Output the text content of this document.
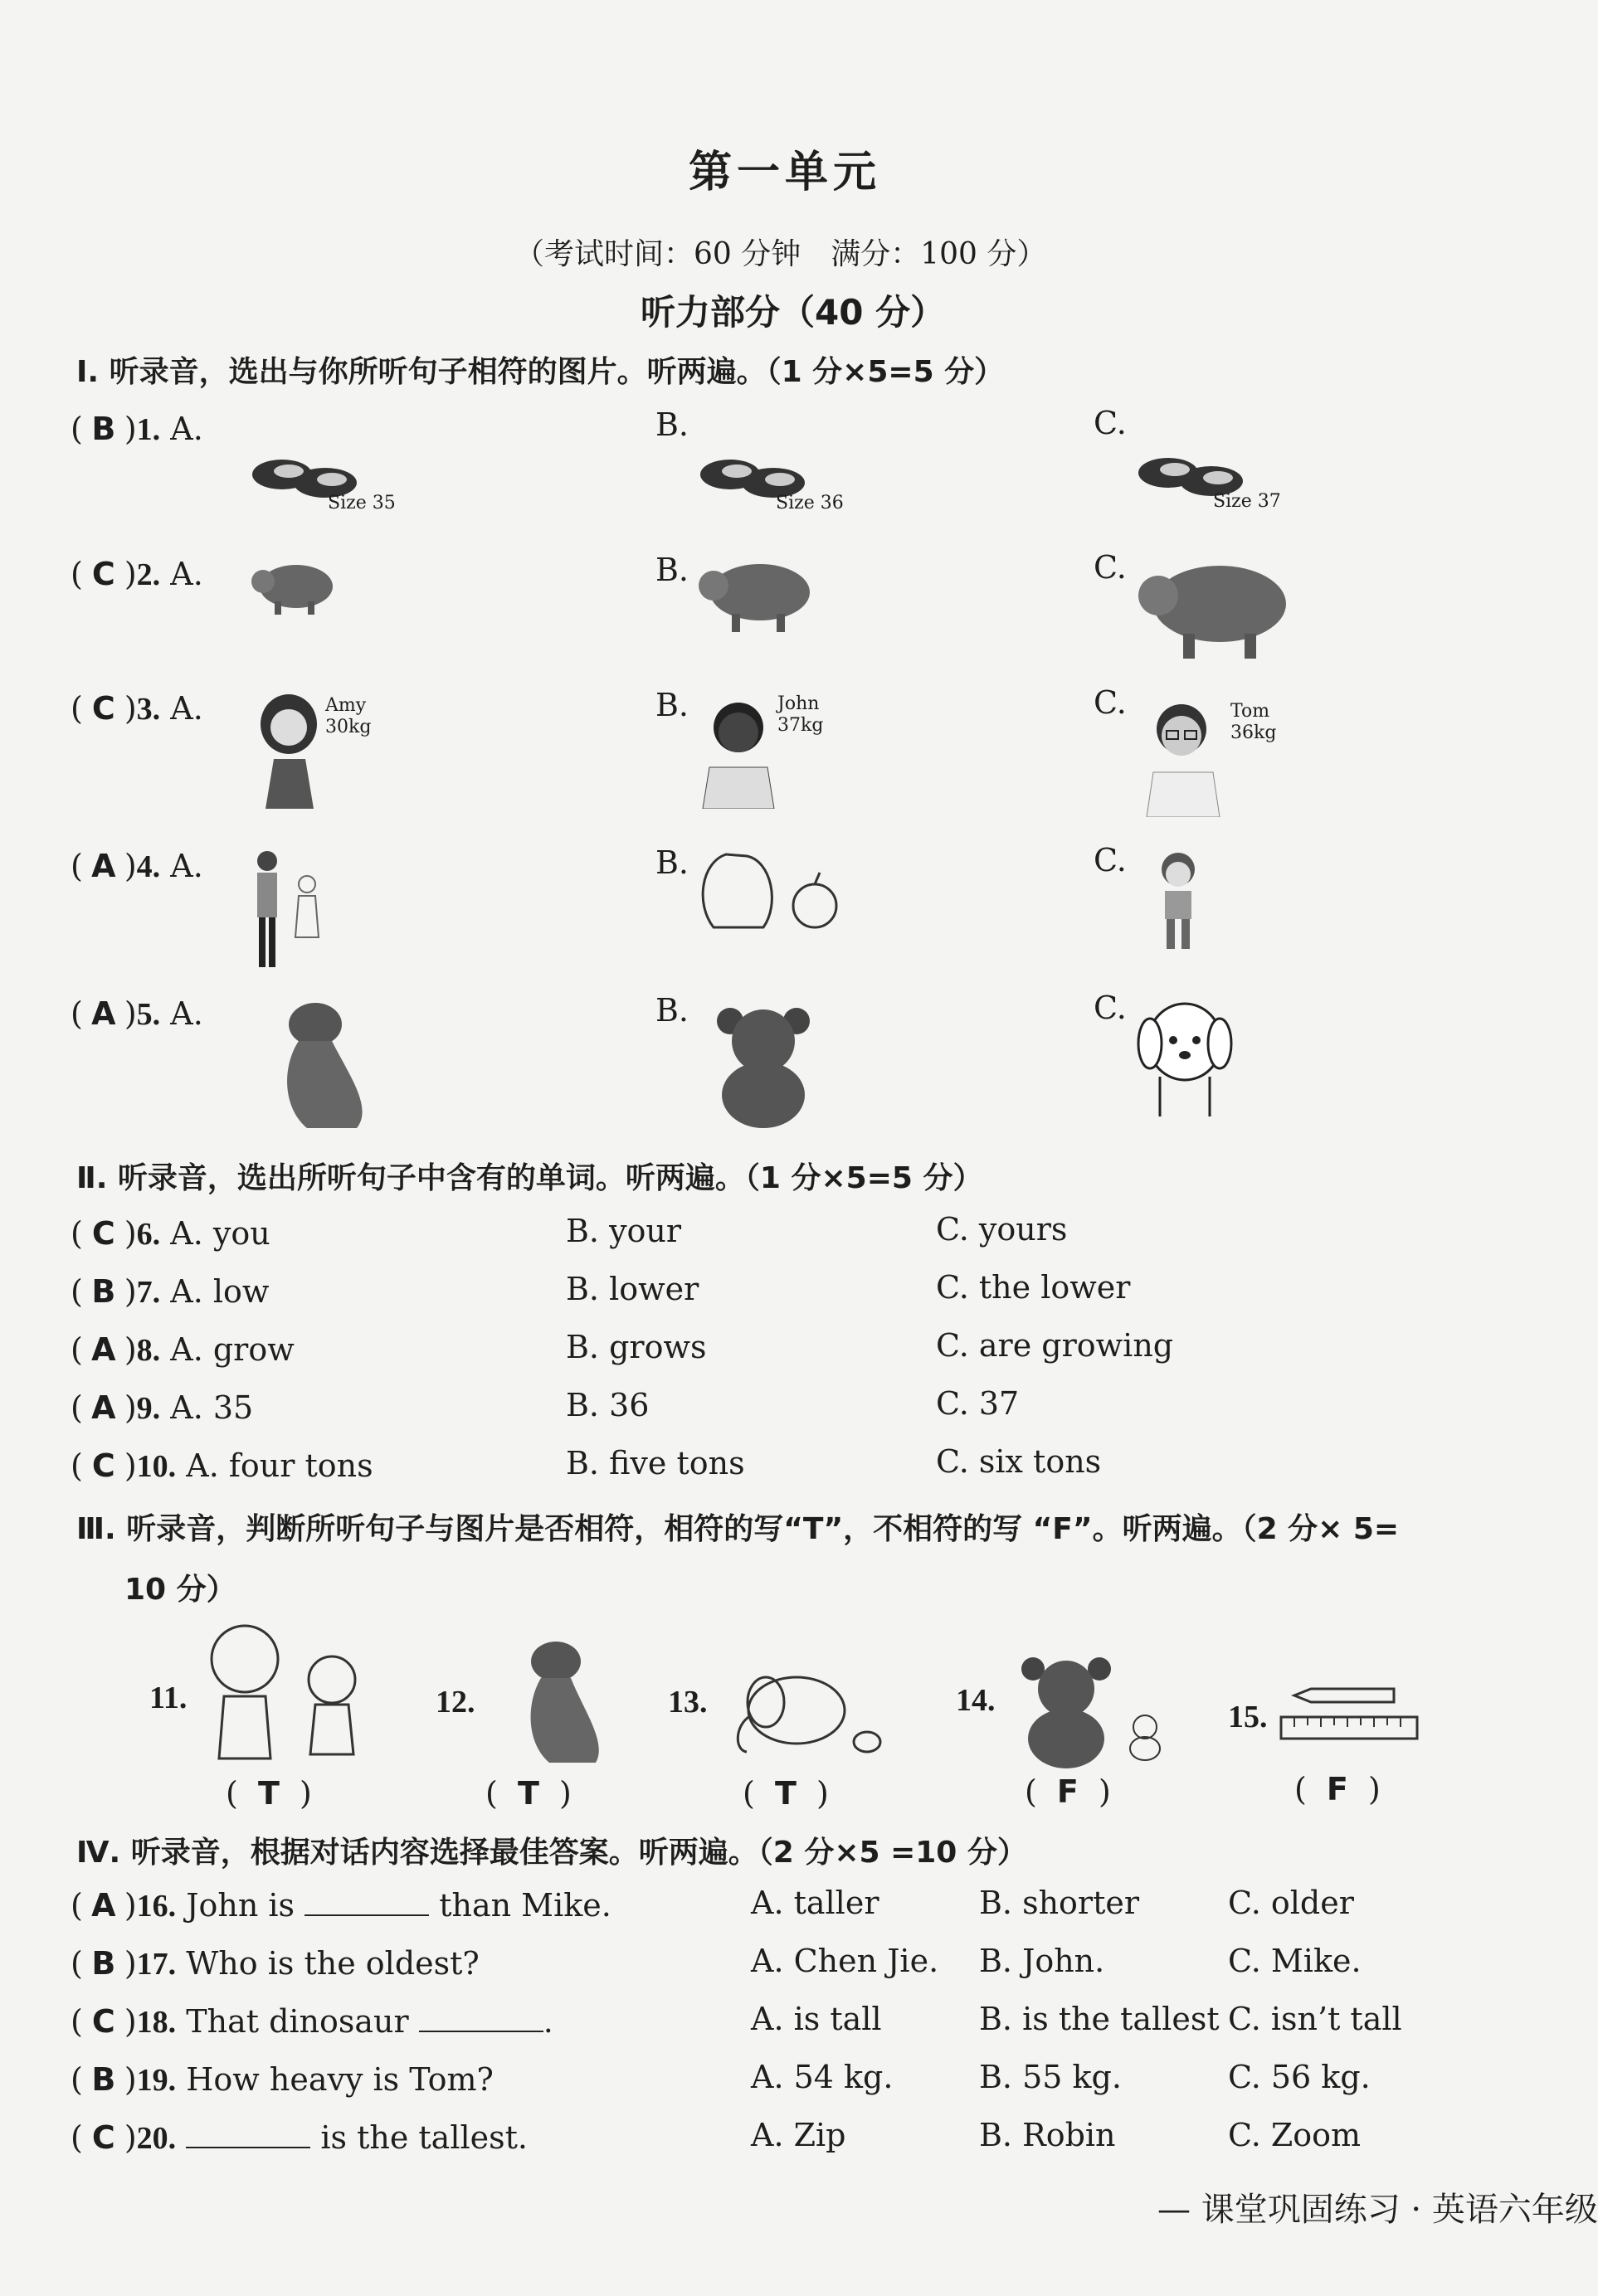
第一单元
（考试时间：60 分钟　满分：100 分）
听力部分（40 分）
Ⅰ. 听录音，选出与你所听句子相符的图片。听两遍。（1 分×5=5 分）
( B )1. A.	B.	C.
Size 35	Size 36	Size 37
( C )2. A.	B.	C.
( C )3. A.	B.	C.
Amy
30kg
John
37kg
Tom
36kg
( A )4. A.	B.	C.
( A )5. A.	B.	C.
Ⅱ. 听录音，选出所听句子中含有的单词。听两遍。（1 分×5=5 分）
( C )6. A. you	B. your	C. yours
( B )7. A. low	B. lower	C. the lower
( A )8. A. grow	B. grows	C. are growing
( A )9. A. 35	B. 36	C. 37
( C )10. A. four tons	B. five tons	C. six tons
Ⅲ. 听录音，判断所听句子与图片是否相符，相符的写“T”，不相符的写 “F”。听两遍。（2 分× 5=
10 分）
11.
( T )
12.
( T )
13.
( T )
14.
( F )
15.
( F )
Ⅳ. 听录音，根据对话内容选择最佳答案。听两遍。（2 分×5 =10 分）
( A )16. John is	than Mike.	A. taller	B. shorter	C. older
( B )17. Who is the oldest?	A. Chen Jie. B. John.	C. Mike.
( C )18. That dinosaur	.	A. is tall	B. is the tallest C. isn’t tall
( B )19. How heavy is Tom?	A. 54 kg.	B. 55 kg.	C. 56 kg.
( C )20.	is the tallest.	A. Zip	B. Robin	C. Zoom
— 课堂巩固练习 · 英语六年级
